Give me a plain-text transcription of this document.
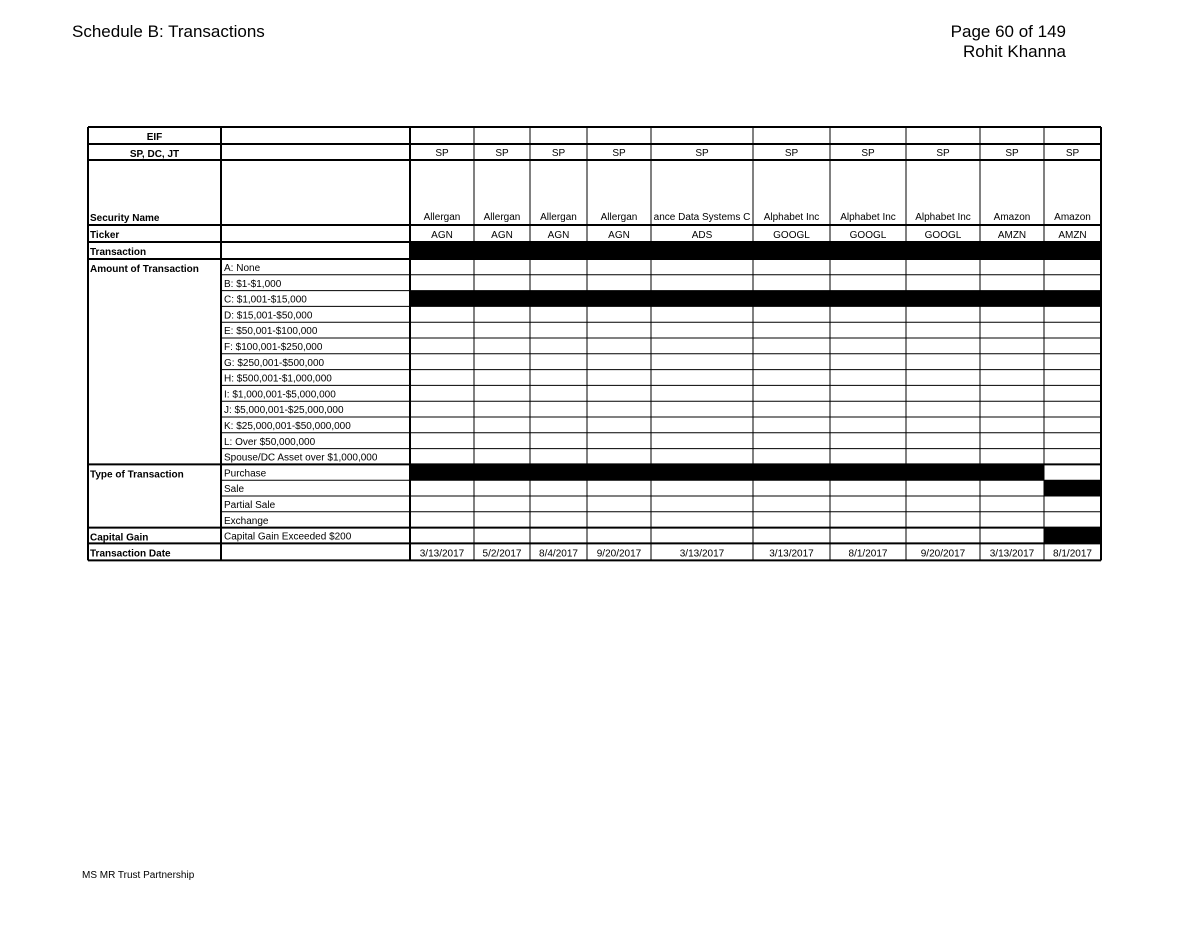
Schedule B: Transactions	Page 60 of 149
Rohit Khanna
EIF
SP, DC, JT
Security Name
Ticker
Transaction
Amount of Transaction
Type of Transaction
Capital Gain
Transaction Date
A: None
B: $1-$1,000
C: $1,001-$15,000
D: $15,001-$50,000
E: $50,001-$100,000
F: $100,001-$250,000
G: $250,001-$500,000
H: $500,001-$1,000,000
I: $1,000,001-$5,000,000
J: $5,000,001-$25,000,000
K: $25,000,001-$50,000,000
L: Over $50,000,000
Spouse/DC Asset over $1,000,000
Purchase
Sale
Partial Sale
Exchange
Capital Gain Exceeded $200
SP
Allergan
AGN
3/13/2017
SP
Allergan
AGN
5/2/2017
SP
Allergan
AGN
8/4/2017
SP
Allergan
AGN
9/20/2017
SP
ance Data Systems C
ADS
3/13/2017
SP
Alphabet Inc
GOOGL
3/13/2017
SP
Alphabet Inc
GOOGL
8/1/2017
SP
Alphabet Inc
GOOGL
9/20/2017
SP
Amazon
AMZN
3/13/2017
SP
Amazon
AMZN
8/1/2017
MS MR Trust Partnership
